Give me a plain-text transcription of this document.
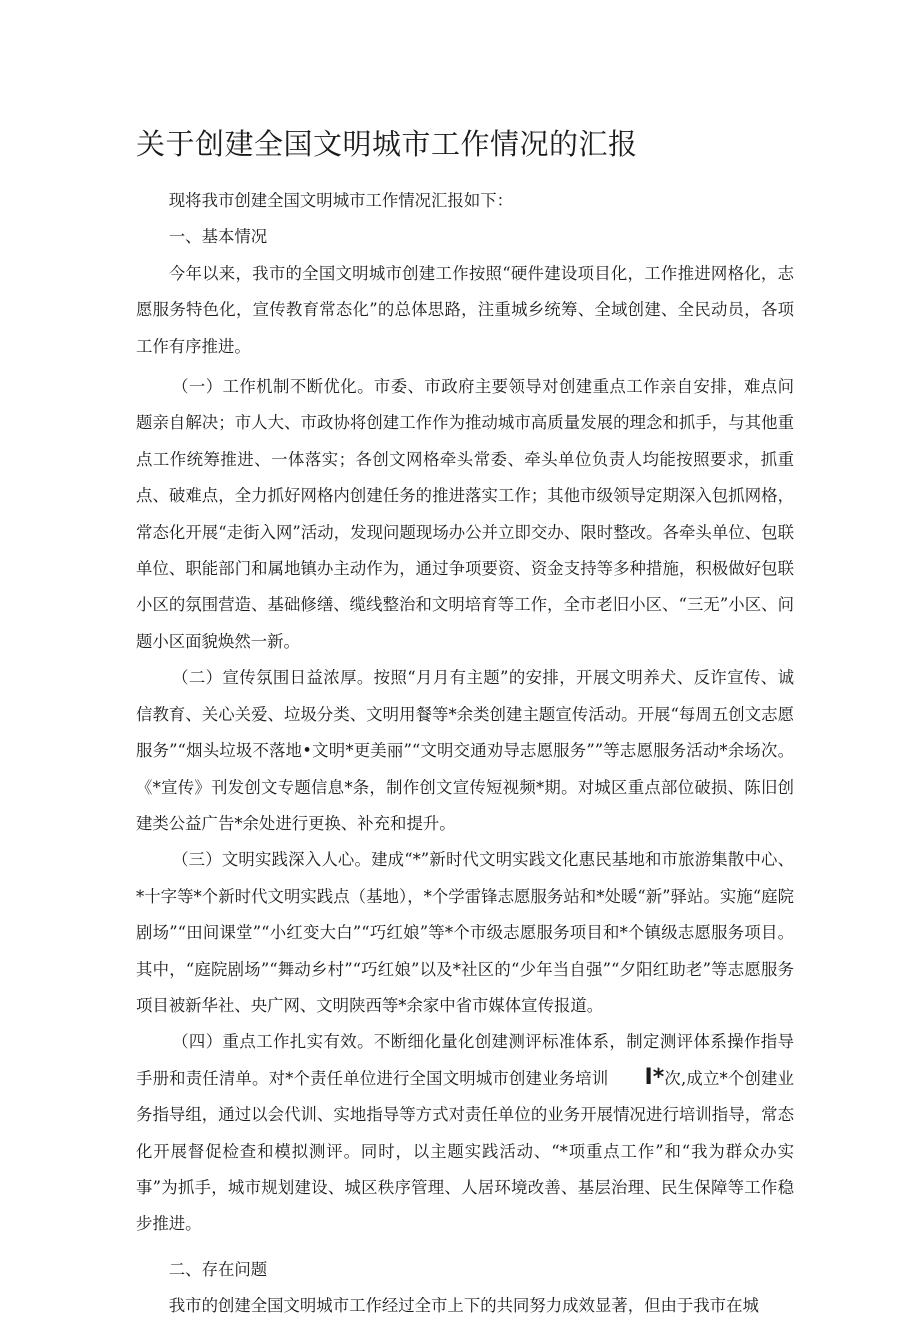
关于创建全国文明城市工作情况的汇报

现将我市创建全国文明城市工作情况汇报如下：

一、基本情况

今年以来，我市的全国文明城市创建工作按照“硬件建设项目化，工作推进网格化，志愿服务特色化，宣传教育常态化”的总体思路，注重城乡统筹、全域创建、全民动员，各项工作有序推进。

（一）工作机制不断优化。市委、市政府主要领导对创建重点工作亲自安排，难点问题亲自解决；市人大、市政协将创建工作作为推动城市高质量发展的理念和抓手，与其他重点工作统筹推进、一体落实；各创文网格牵头常委、牵头单位负责人均能按照要求，抓重点、破难点，全力抓好网格内创建任务的推进落实工作；其他市级领导定期深入包抓网格，常态化开展“走街入网”活动，发现问题现场办公并立即交办、限时整改。各牵头单位、包联单位、职能部门和属地镇办主动作为，通过争项要资、资金支持等多种措施，积极做好包联小区的氛围营造、基础修缮、缆线整治和文明培育等工作，全市老旧小区、“三无”小区、问题小区面貌焕然一新。

（二）宣传氛围日益浓厚。按照“月月有主题”的安排，开展文明养犬、反诈宣传、诚信教育、关心关爱、垃圾分类、文明用餐等*余类创建主题宣传活动。开展“每周五创文志愿服务”“烟头垃圾不落地•文明*更美丽”“文明交通劝导志愿服务””等志愿服务活动*余场次。《*宣传》刊发创文专题信息*条，制作创文宣传短视频*期。对城区重点部位破损、陈旧创建类公益广告*余处进行更换、补充和提升。

（三）文明实践深入人心。建成“*”新时代文明实践文化惠民基地和市旅游集散中心、*十字等*个新时代文明实践点（基地），*个学雷锋志愿服务站和*处暖“新”驿站。实施“庭院剧场”“田间课堂”“小红变大白”“巧红娘”等*个市级志愿服务项目和*个镇级志愿服务项目。其中，“庭院剧场”“舞动乡村”“巧红娘”以及*社区的“少年当自强”“夕阳红助老”等志愿服务项目被新华社、央广网、文明陕西等*余家中省市媒体宣传报道。

（四）重点工作扎实有效。不断细化量化创建测评标准体系，制定测评体系操作指导手册和责任清单。对*个责任单位进行全国文明城市创建业务培训 I*次,成立*个创建业务指导组，通过以会代训、实地指导等方式对责任单位的业务开展情况进行培训指导，常态化开展督促检查和模拟测评。同时，以主题实践活动、“*项重点工作”和“我为群众办实事”为抓手，城市规划建设、城区秩序管理、人居环境改善、基层治理、民生保障等工作稳步推进。

二、存在问题

我市的创建全国文明城市工作经过全市上下的共同努力成效显著，但由于我市在城
